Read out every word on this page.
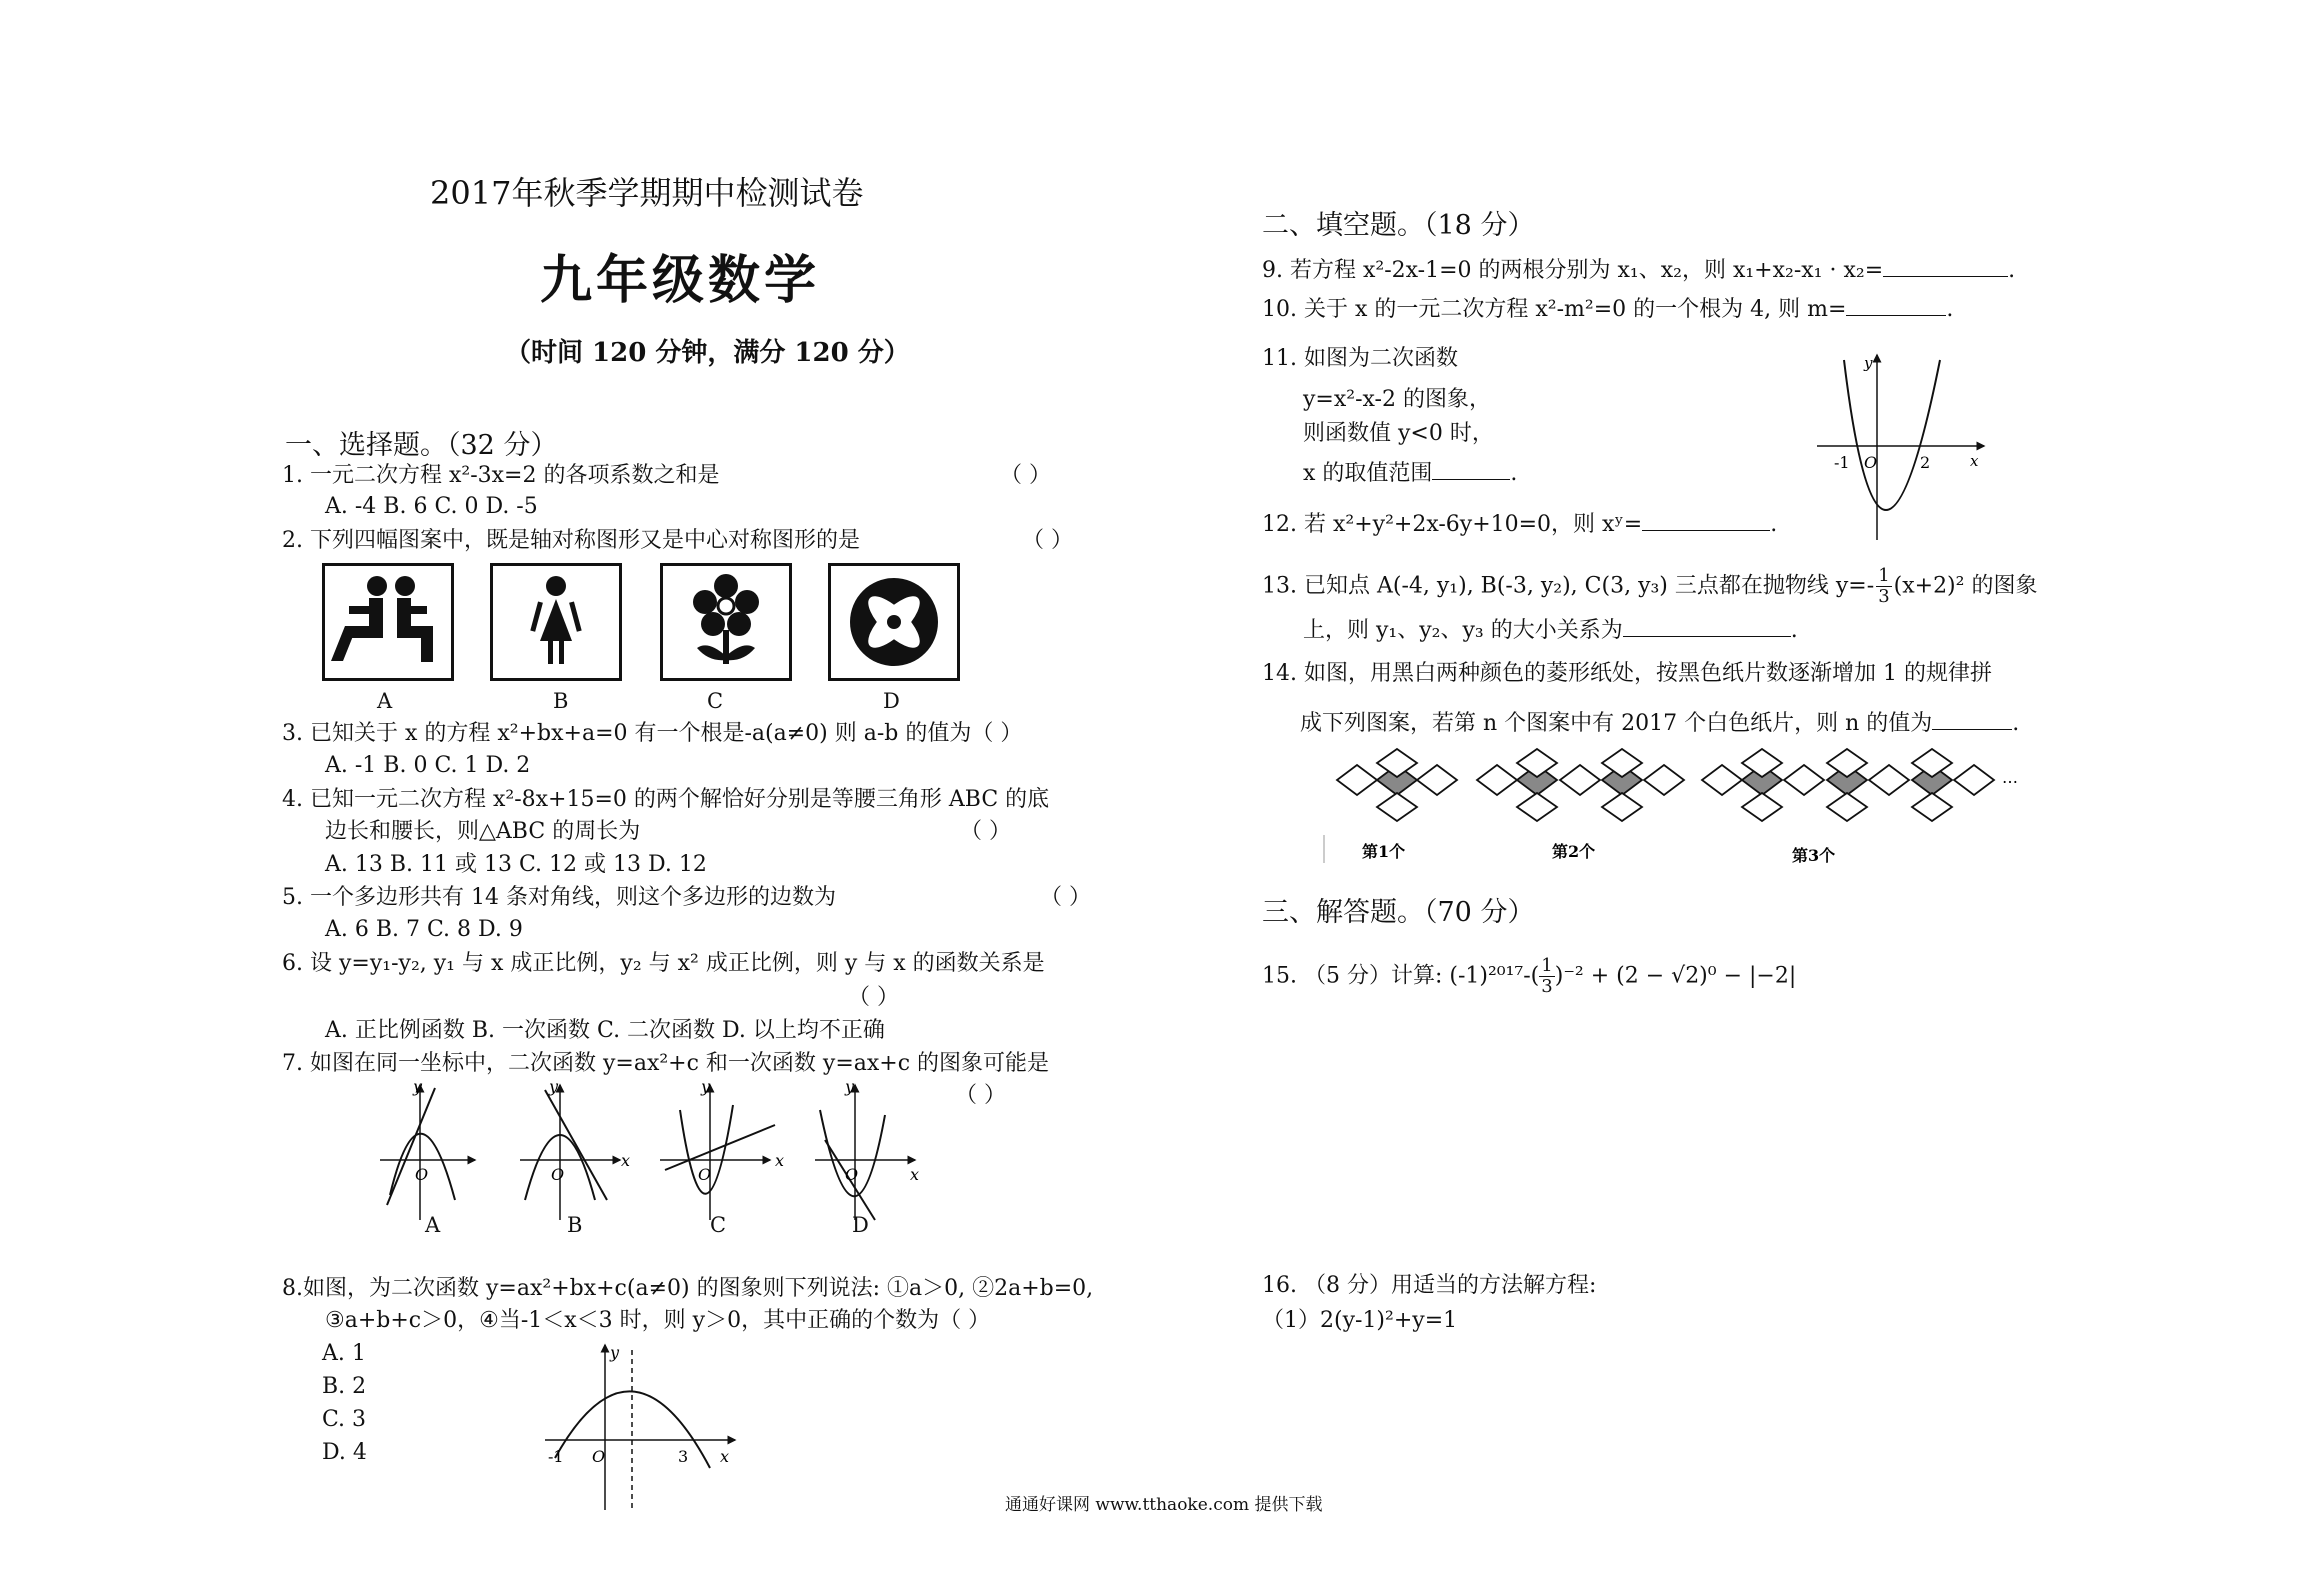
2017年秋季学期期中检测试卷
九年级数学
（时间 120 分钟，满分 120 分）
一、选择题。（32 分）
1. 一元二次方程 x²-3x=2 的各项系数之和是	（ ）
A. -4 B. 6 C. 0 D. -5
2. 下列四幅图案中，既是轴对称图形又是中心对称图形的是	（ ）
A	B	C	D
3. 已知关于 x 的方程 x²+bx+a=0 有一个根是-a(a≠0) 则 a-b 的值为（ ）
A. -1 B. 0 C. 1 D. 2
4. 已知一元二次方程 x²-8x+15=0 的两个解恰好分别是等腰三角形 ABC 的底
边长和腰长，则△ABC 的周长为	（ ）
A. 13 B. 11 或 13 C. 12 或 13 D. 12
5. 一个多边形共有 14 条对角线，则这个多边形的边数为	（ ）
A. 6 B. 7 C. 8 D. 9
6. 设 y=y₁-y₂, y₁ 与 x 成正比例，y₂ 与 x² 成正比例，则 y 与 x 的函数关系是
（ ）
A. 正比例函数 B. 一次函数 C. 二次函数 D. 以上均不正确
7. 如图在同一坐标中，二次函数 y=ax²+c 和一次函数 y=ax+c 的图象可能是
（ ）
y
O
y
O
x
y
O
x
y
O	x
A	B	C	D
8.如图，为二次函数 y=ax²+bx+c(a≠0) 的图象则下列说法: ①a＞0, ②2a+b=0,
③a+b+c＞0，④当-1＜x＜3 时，则 y＞0，其中正确的个数为（ ）
A. 1
B. 2
C. 3
D. 4
y
-1 O	3 x
二、填空题。（18 分）
9. 若方程 x²-2x-1=0 的两根分别为 x₁、x₂，则 x₁+x₂-x₁ · x₂=	.
10. 关于 x 的一元二次方程 x²-m²=0 的一个根为 4, 则 m=	.
11. 如图为二次函数
y=x²-x-2 的图象，
则函数值 y<0 时，
x 的取值范围	.
y
-1 O	2	x
12. 若 x²+y²+2x-6y+10=0，则 xʸ=	.
13. 已知点 A(-4, y₁), B(-3, y₂), C(3, y₃) 三点都在抛物线 $y=- \frac{1}{3} (x+2)^2$ 的图象
上，则 y₁、y₂、y₃ 的大小关系为	.
14. 如图，用黑白两种颜色的菱形纸处，按黑色纸片数逐渐增加 1 的规律拼
成下列图案，若第 n 个图案中有 2017 个白色纸片，则 n 的值为	.
第1个	第2个	第3个
…
三、解答题。（70 分）
15. （5 分）计算: $(-1)^{2017}-( \frac{1}{3} )^{-2} + (2 - √2)^0 - |-2|$
16. （8 分）用适当的方法解方程:
（1）2(y-1)²+y=1
通通好课网 www.tthaoke.com 提供下载
